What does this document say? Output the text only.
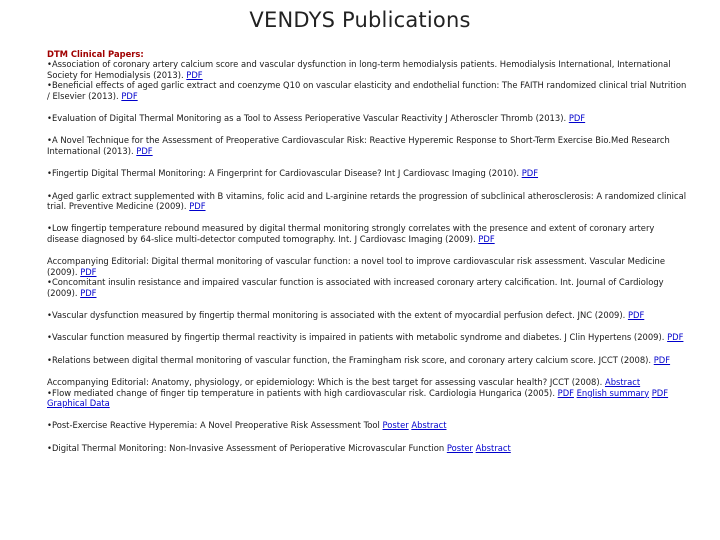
VENDYS Publications

DTM Clinical Papers:

•Association of coronary artery calcium score and vascular dysfunction in long-term hemodialysis patients. Hemodialysis International, International Society for Hemodialysis (2013). PDF

•Beneficial effects of aged garlic extract and coenzyme Q10 on vascular elasticity and endothelial function: The FAITH randomized clinical trial Nutrition / Elsevier (2013). PDF

•Evaluation of Digital Thermal Monitoring as a Tool to Assess Perioperative Vascular Reactivity J Atheroscler Thromb (2013). PDF

•A Novel Technique for the Assessment of Preoperative Cardiovascular Risk: Reactive Hyperemic Response to Short-Term Exercise Bio.Med Research International (2013). PDF

•Fingertip Digital Thermal Monitoring: A Fingerprint for Cardiovascular Disease? Int J Cardiovasc Imaging (2010). PDF

•Aged garlic extract supplemented with B vitamins, folic acid and L-arginine retards the progression of subclinical atherosclerosis: A randomized clinical trial. Preventive Medicine (2009). PDF

•Low fingertip temperature rebound measured by digital thermal monitoring strongly correlates with the presence and extent of coronary artery disease diagnosed by 64-slice multi-detector computed tomography. Int. J Cardiovasc Imaging (2009). PDF

Accompanying Editorial: Digital thermal monitoring of vascular function: a novel tool to improve cardiovascular risk assessment. Vascular Medicine (2009). PDF

•Concomitant insulin resistance and impaired vascular function is associated with increased coronary artery calcification. Int. Journal of Cardiology (2009). PDF

•Vascular dysfunction measured by fingertip thermal monitoring is associated with the extent of myocardial perfusion defect. JNC (2009). PDF

•Vascular function measured by fingertip thermal reactivity is impaired in patients with metabolic syndrome and diabetes. J Clin Hypertens (2009). PDF

•Relations between digital thermal monitoring of vascular function, the Framingham risk score, and coronary artery calcium score. JCCT (2008). PDF

Accompanying Editorial: Anatomy, physiology, or epidemiology: Which is the best target for assessing vascular health? JCCT (2008). Abstract

•Flow mediated change of finger tip temperature in patients with high cardiovascular risk. Cardiologia Hungarica (2005). PDF English summary PDF Graphical Data

•Post-Exercise Reactive Hyperemia: A Novel Preoperative Risk Assessment Tool Poster Abstract

•Digital Thermal Monitoring: Non-Invasive Assessment of Perioperative Microvascular Function Poster Abstract
